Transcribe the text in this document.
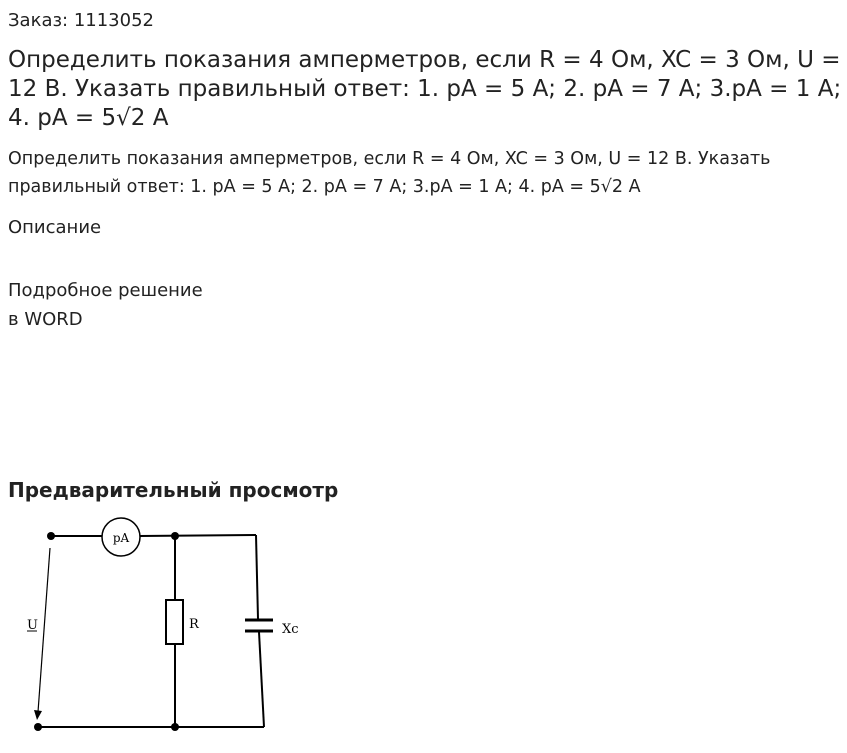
Заказ: 1113052
Определить показания амперметров, если R = 4 Ом, XC = 3 Ом, U = 12 В. Указать правильный ответ: 1. pA = 5 A; 2. pA = 7 A; 3.pA = 1 A; 4. pA = 5√2 A

Определить показания амперметров, если R = 4 Ом, XC = 3 Ом, U = 12 В. Указать правильный ответ: 1. pA = 5 A; 2. pA = 7 A; 3.pA = 1 A; 4. pA = 5√2 A

Описание
Подробное решение
в WORD
Предварительный просмотр
pA
R	Xc
U
